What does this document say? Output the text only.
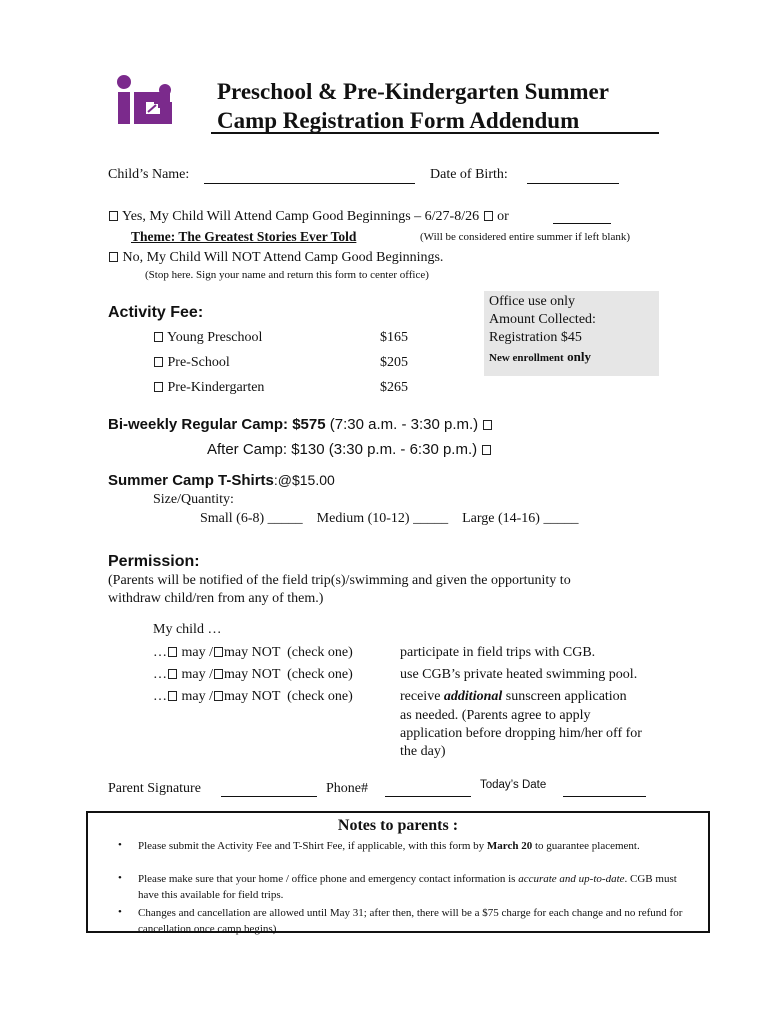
Preschool & Pre-Kindergarten Summer
Camp Registration Form Addendum
Child’s Name:	Date of Birth:
Yes, My Child Will Attend Camp Good Beginnings – 6/27-8/26 or
Theme: The Greatest Stories Ever Told	(Will be considered entire summer if left blank)
No, My Child Will NOT Attend Camp Good Beginnings.
(Stop here. Sign your name and return this form to center office)
Office use only
Amount Collected:
Registration $45
New enrollment only
Activity Fee:
Young Preschool	$165
Pre-School	$205
Pre-Kindergarten	$265
Bi-weekly Regular Camp: $575 (7:30 a.m. - 3:30 p.m.)
After Camp: $130 (3:30 p.m. - 6:30 p.m.)
Summer Camp T-Shirts:@$15.00
Size/Quantity:
Small (6-8) _____    Medium (10-12) _____    Large (14-16) _____
Permission:
(Parents will be notified of the field trip(s)/swimming and given the opportunity to
withdraw child/ren from any of them.)
My child …
… may / may NOT (check one)	participate in field trips with CGB.
… may / may NOT (check one)	use CGB’s private heated swimming pool.
… may / may NOT (check one)	receive additional sunscreen application
as needed. (Parents agree to apply
application before dropping him/her off for
the day)
Parent Signature	Phone#	Today’s Date
Notes to parents :
• Please submit the Activity Fee and T-Shirt Fee, if applicable, with this form by March 20 to guarantee placement.
• Please make sure that your home / office phone and emergency contact information is accurate and up-to-date. CGB must have this available for field trips.
• Changes and cancellation are allowed until May 31; after then, there will be a $75 charge for each change and no refund for cancellation once camp begins)
